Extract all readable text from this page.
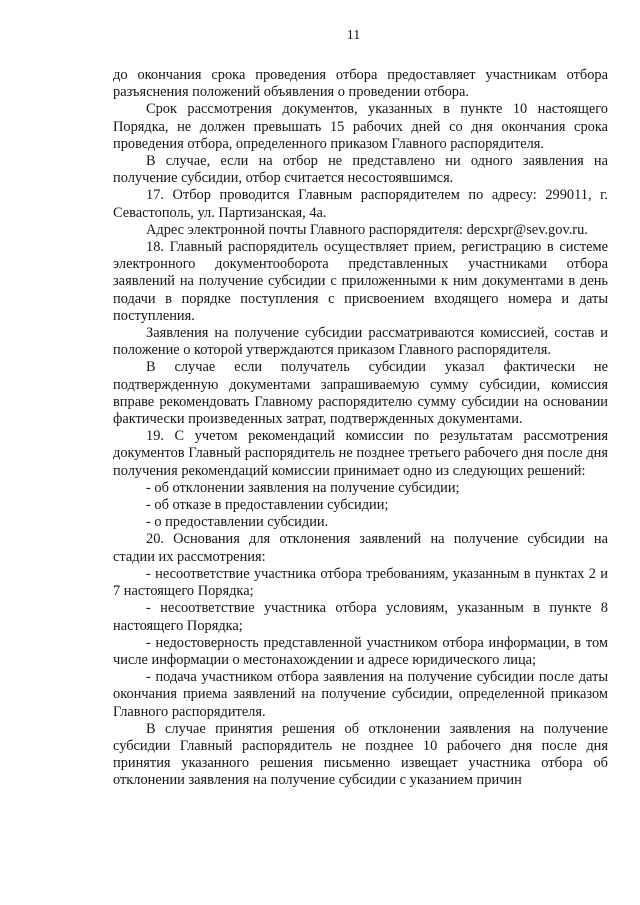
11

до окончания срока проведения отбора предоставляет участникам отбора разъяснения положений объявления о проведении отбора.

Срок рассмотрения документов, указанных в пункте 10 настоящего Порядка, не должен превышать 15 рабочих дней со дня окончания срока проведения отбора, определенного приказом Главного распорядителя.

В случае, если на отбор не представлено ни одного заявления на получение субсидии, отбор считается несостоявшимся.

17. Отбор проводится Главным распорядителем по адресу: 299011, г. Севастополь, ул. Партизанская, 4а.

Адрес электронной почты Главного распорядителя: depcxpr@sev.gov.ru.

18. Главный распорядитель осуществляет прием, регистрацию в системе электронного документооборота представленных участниками отбора заявлений на получение субсидии с приложенными к ним документами в день подачи в порядке поступления с присвоением входящего номера и даты поступления.

Заявления на получение субсидии рассматриваются комиссией, состав и положение о которой утверждаются приказом Главного распорядителя.

В случае если получатель субсидии указал фактически не подтвержденную документами запрашиваемую сумму субсидии, комиссия вправе рекомендовать Главному распорядителю сумму субсидии на основании фактически произведенных затрат, подтвержденных документами.

19. С учетом рекомендаций комиссии по результатам рассмотрения документов Главный распорядитель не позднее третьего рабочего дня после дня получения рекомендаций комиссии принимает одно из следующих решений:

- об отклонении заявления на получение субсидии;

- об отказе в предоставлении субсидии;

- о предоставлении субсидии.

20. Основания для отклонения заявлений на получение субсидии на стадии их рассмотрения:

- несоответствие участника отбора требованиям, указанным в пунктах 2 и 7 настоящего Порядка;

- несоответствие участника отбора условиям, указанным в пункте 8 настоящего Порядка;

- недостоверность представленной участником отбора информации, в том числе информации о местонахождении и адресе юридического лица;

- подача участником отбора заявления на получение субсидии после даты окончания приема заявлений на получение субсидии, определенной приказом Главного распорядителя.

В случае принятия решения об отклонении заявления на получение субсидии Главный распорядитель не позднее 10 рабочего дня после дня принятия указанного решения письменно извещает участника отбора об отклонении заявления на получение субсидии с указанием причин
